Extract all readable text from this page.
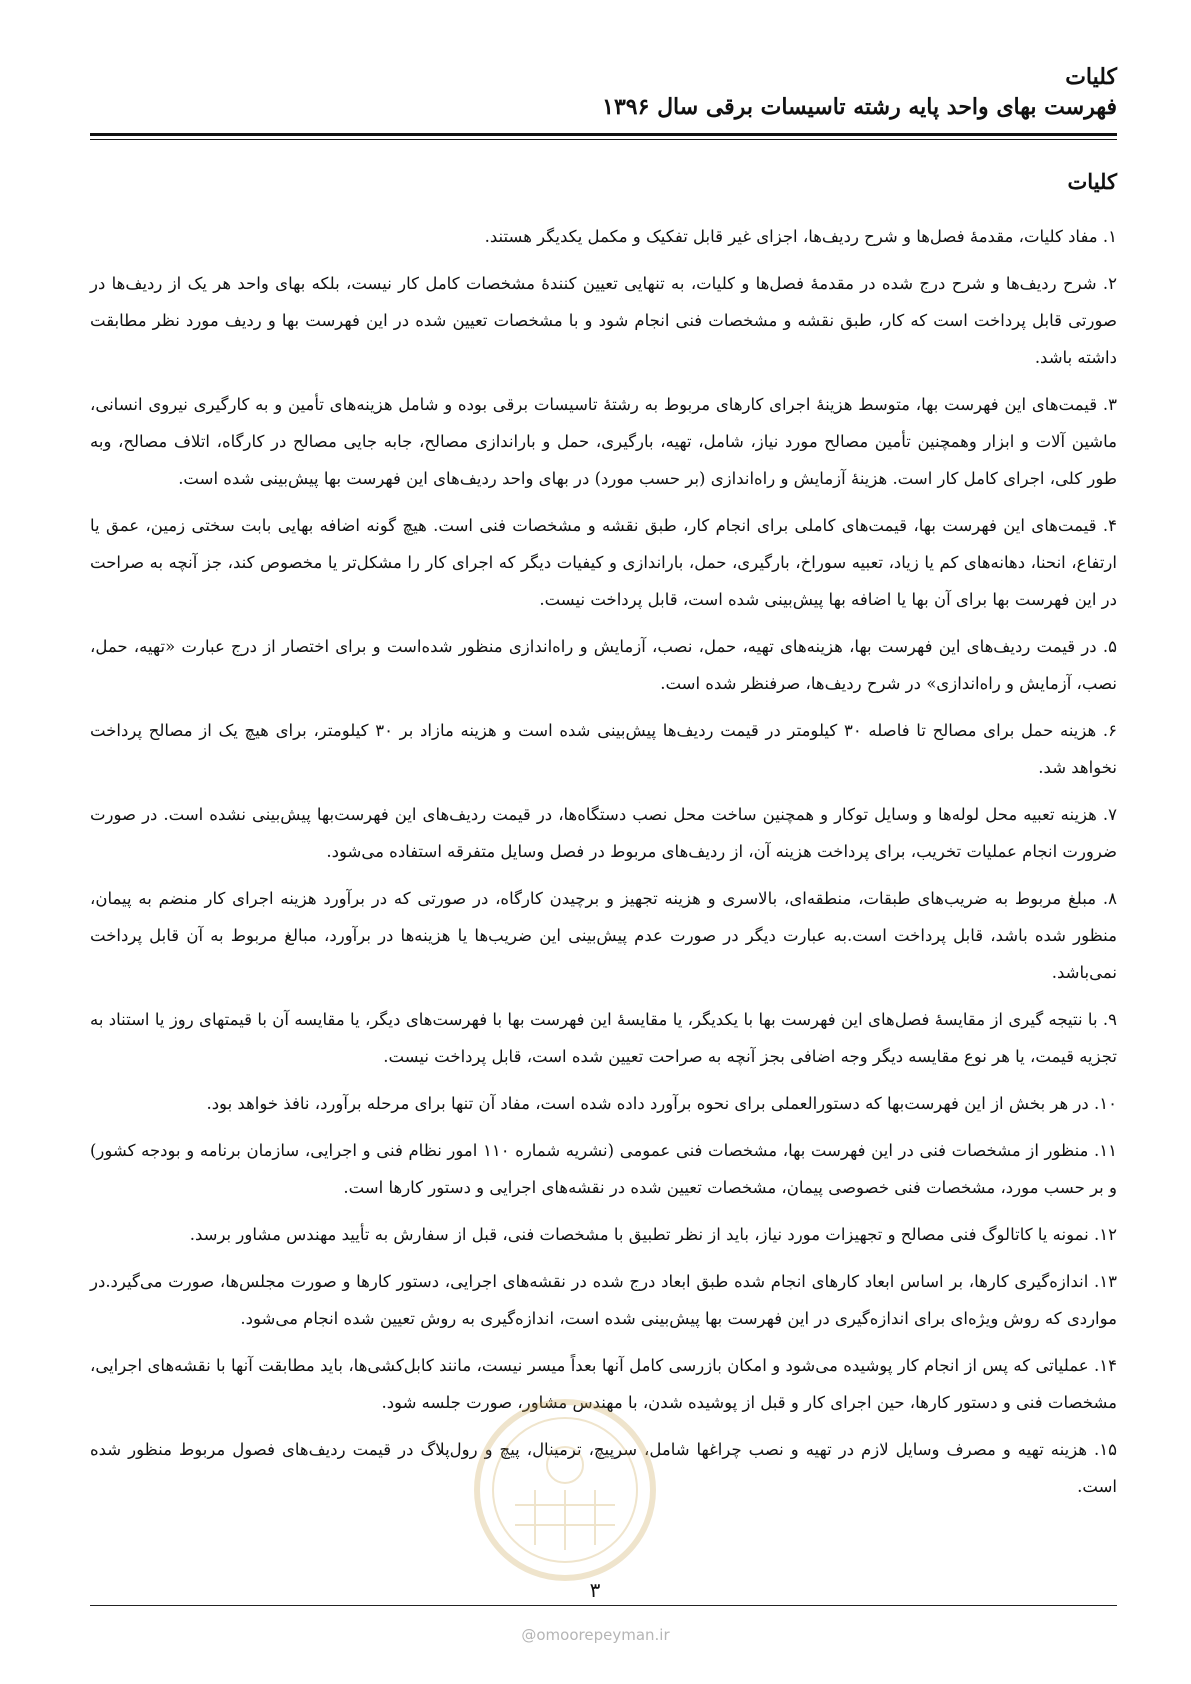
کلیات
فهرست بهای واحد پایه رشته تاسیسات برقی سال ۱۳۹۶
کلیات

۱. مفاد کلیات، مقدمهٔ فصل‌ها و شرح ردیف‌ها، اجزای غیر قابل تفکیک و مکمل یکدیگر هستند.

۲. شرح ردیف‌ها و شرح درج شده در مقدمهٔ فصل‌ها و کلیات، به تنهایی تعیین کنندهٔ مشخصات کامل کار نیست، بلکه بهای واحد هر یک از ردیف‌ها در صورتی قابل پرداخت است که کار، طبق نقشه و مشخصات فنی انجام شود و با مشخصات تعیین شده در این فهرست بها و ردیف مورد نظر مطابقت داشته باشد.

۳. قیمت‌های این فهرست بها، متوسط هزینهٔ اجرای کارهای مربوط به رشتهٔ تاسیسات برقی بوده و شامل هزینه‌های تأمین و به کارگیری نیروی انسانی، ماشین آلات و ابزار وهمچنین تأمین مصالح مورد نیاز، شامل، تهیه، بارگیری، حمل و باراندازی مصالح، جابه جایی مصالح در کارگاه، اتلاف مصالح، وبه طور کلی، اجرای کامل کار است. هزینهٔ آزمایش و راه‌اندازی (بر حسب مورد) در بهای واحد ردیف‌های این فهرست بها پیش‌بینی شده است.

۴. قیمت‌های این فهرست بها، قیمت‌های کاملی برای انجام کار، طبق نقشه و مشخصات فنی است. هیچ گونه اضافه بهایی بابت سختی زمین، عمق یا ارتفاع، انحنا، دهانه‌های کم یا زیاد، تعبیه سوراخ، بارگیری، حمل، باراندازی و کیفیات دیگر که اجرای کار را مشکل‌تر یا مخصوص کند، جز آنچه به صراحت در این فهرست بها برای آن بها یا اضافه بها پیش‌بینی شده است، قابل پرداخت نیست.

۵. در قیمت ردیف‌های این فهرست بها، هزینه‌های تهیه، حمل، نصب، آزمایش و راه‌اندازی منظور شده‌است و برای اختصار از درج عبارت «تهیه، حمل، نصب، آزمایش و راه‌اندازی» در شرح ردیف‌ها، صرفنظر شده است.

۶. هزینه حمل برای مصالح تا فاصله ۳۰ کیلومتر در قیمت ردیف‌ها پیش‌بینی شده است و هزینه مازاد بر ۳۰ کیلومتر، برای هیچ یک از مصالح پرداخت نخواهد شد.

۷. هزینه تعبیه محل لوله‌ها و وسایل توکار و همچنین ساخت محل نصب دستگاه‌ها، در قیمت ردیف‌های این فهرست‌بها پیش‌بینی نشده است. در صورت ضرورت انجام عملیات تخریب، برای پرداخت هزینه آن، از ردیف‌های مربوط در فصل وسایل متفرقه استفاده می‌شود.

۸. مبلغ مربوط به ضریب‌های طبقات، منطقه‌ای، بالاسری و هزینه تجهیز و برچیدن کارگاه، در صورتی که در برآورد هزینه اجرای کار منضم به پیمان، منظور شده باشد، قابل پرداخت است.به عبارت دیگر در صورت عدم پیش‌بینی این ضریب‌ها یا هزینه‌ها در برآورد، مبالغ مربوط به آن قابل پرداخت نمی‌باشد.

۹. با نتیجه گیری از مقایسهٔ فصل‌های این فهرست بها با یکدیگر، یا مقایسهٔ این فهرست بها با فهرست‌های دیگر، یا مقایسه آن با قیمتهای روز یا استناد به تجزیه قیمت، یا هر نوع مقایسه دیگر وجه اضافی بجز آنچه به صراحت تعیین شده است، قابل پرداخت نیست.

۱۰. در هر بخش از این فهرست‌بها که دستورالعملی برای نحوه برآورد داده شده است، مفاد آن تنها برای مرحله برآورد، نافذ خواهد بود.

۱۱. منظور از مشخصات فنی در این فهرست بها، مشخصات فنی عمومی (نشریه شماره ۱۱۰ امور نظام فنی و اجرایی، سازمان برنامه و بودجه کشور) و بر حسب مورد، مشخصات فنی خصوصی پیمان، مشخصات تعیین شده در نقشه‌های اجرایی و دستور کارها است.

۱۲. نمونه یا کاتالوگ فنی مصالح و تجهیزات مورد نیاز، باید از نظر تطبیق با مشخصات فنی، قبل از سفارش به تأیید مهندس مشاور برسد.

۱۳. اندازه‌گیری کارها، بر اساس ابعاد کارهای انجام شده طبق ابعاد درج شده در نقشه‌های اجرایی، دستور کارها و صورت مجلس‌ها، صورت می‌گیرد.در مواردی که روش ویژه‌ای برای اندازه‌گیری در این فهرست بها پیش‌بینی شده است، اندازه‌گیری به روش تعیین شده انجام می‌شود.

۱۴. عملیاتی که پس از انجام کار پوشیده می‌شود و امکان بازرسی کامل آنها بعداً میسر نیست، مانند کابل‌کشی‌ها، باید مطابقت آنها با نقشه‌های اجرایی، مشخصات فنی و دستور کارها، حین اجرای کار و قبل از پوشیده شدن، با مهندس مشاور، صورت جلسه شود.

۱۵. هزینه تهیه و مصرف وسایل لازم در تهیه و نصب چراغها شامل، سرپیچ، ترمینال، پیچ و رول‌پلاگ در قیمت ردیف‌های فصول مربوط منظور شده است.

۳
@omoorepeyman.ir
